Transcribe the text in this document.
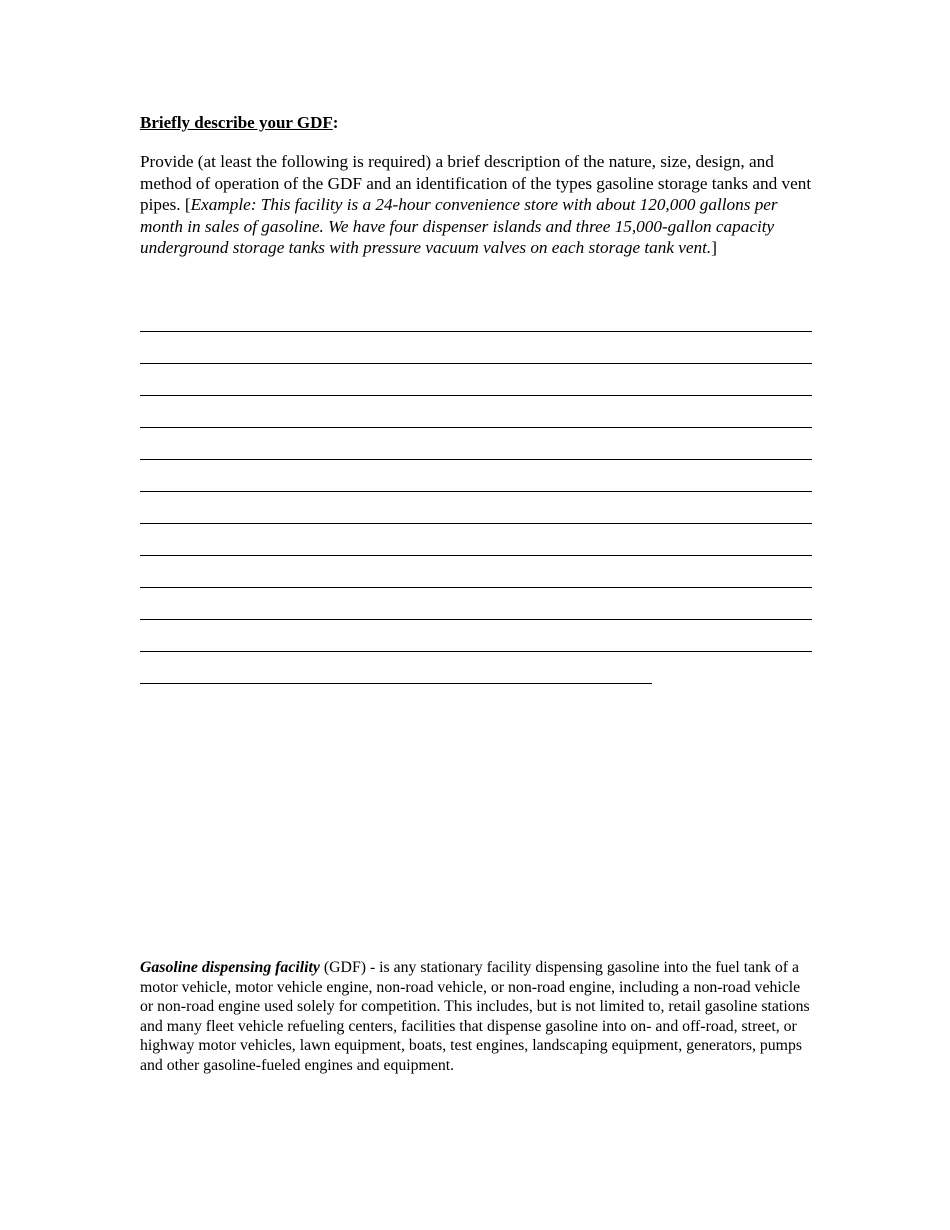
Briefly describe your GDF:
Provide (at least the following is required) a brief description of the nature, size, design, and method of operation of the GDF and an identification of the types gasoline storage tanks and vent pipes. [Example: This facility is a 24-hour convenience store with about 120,000 gallons per month in sales of gasoline. We have four dispenser islands and three 15,000-gallon capacity underground storage tanks with pressure vacuum valves on each storage tank vent.]
Gasoline dispensing facility (GDF) - is any stationary facility dispensing gasoline into the fuel tank of a motor vehicle, motor vehicle engine, non-road vehicle, or non-road engine, including a non-road vehicle or non-road engine used solely for competition. This includes, but is not limited to, retail gasoline stations and many fleet vehicle refueling centers, facilities that dispense gasoline into on- and off-road, street, or highway motor vehicles, lawn equipment, boats, test engines, landscaping equipment, generators, pumps and other gasoline-fueled engines and equipment.
